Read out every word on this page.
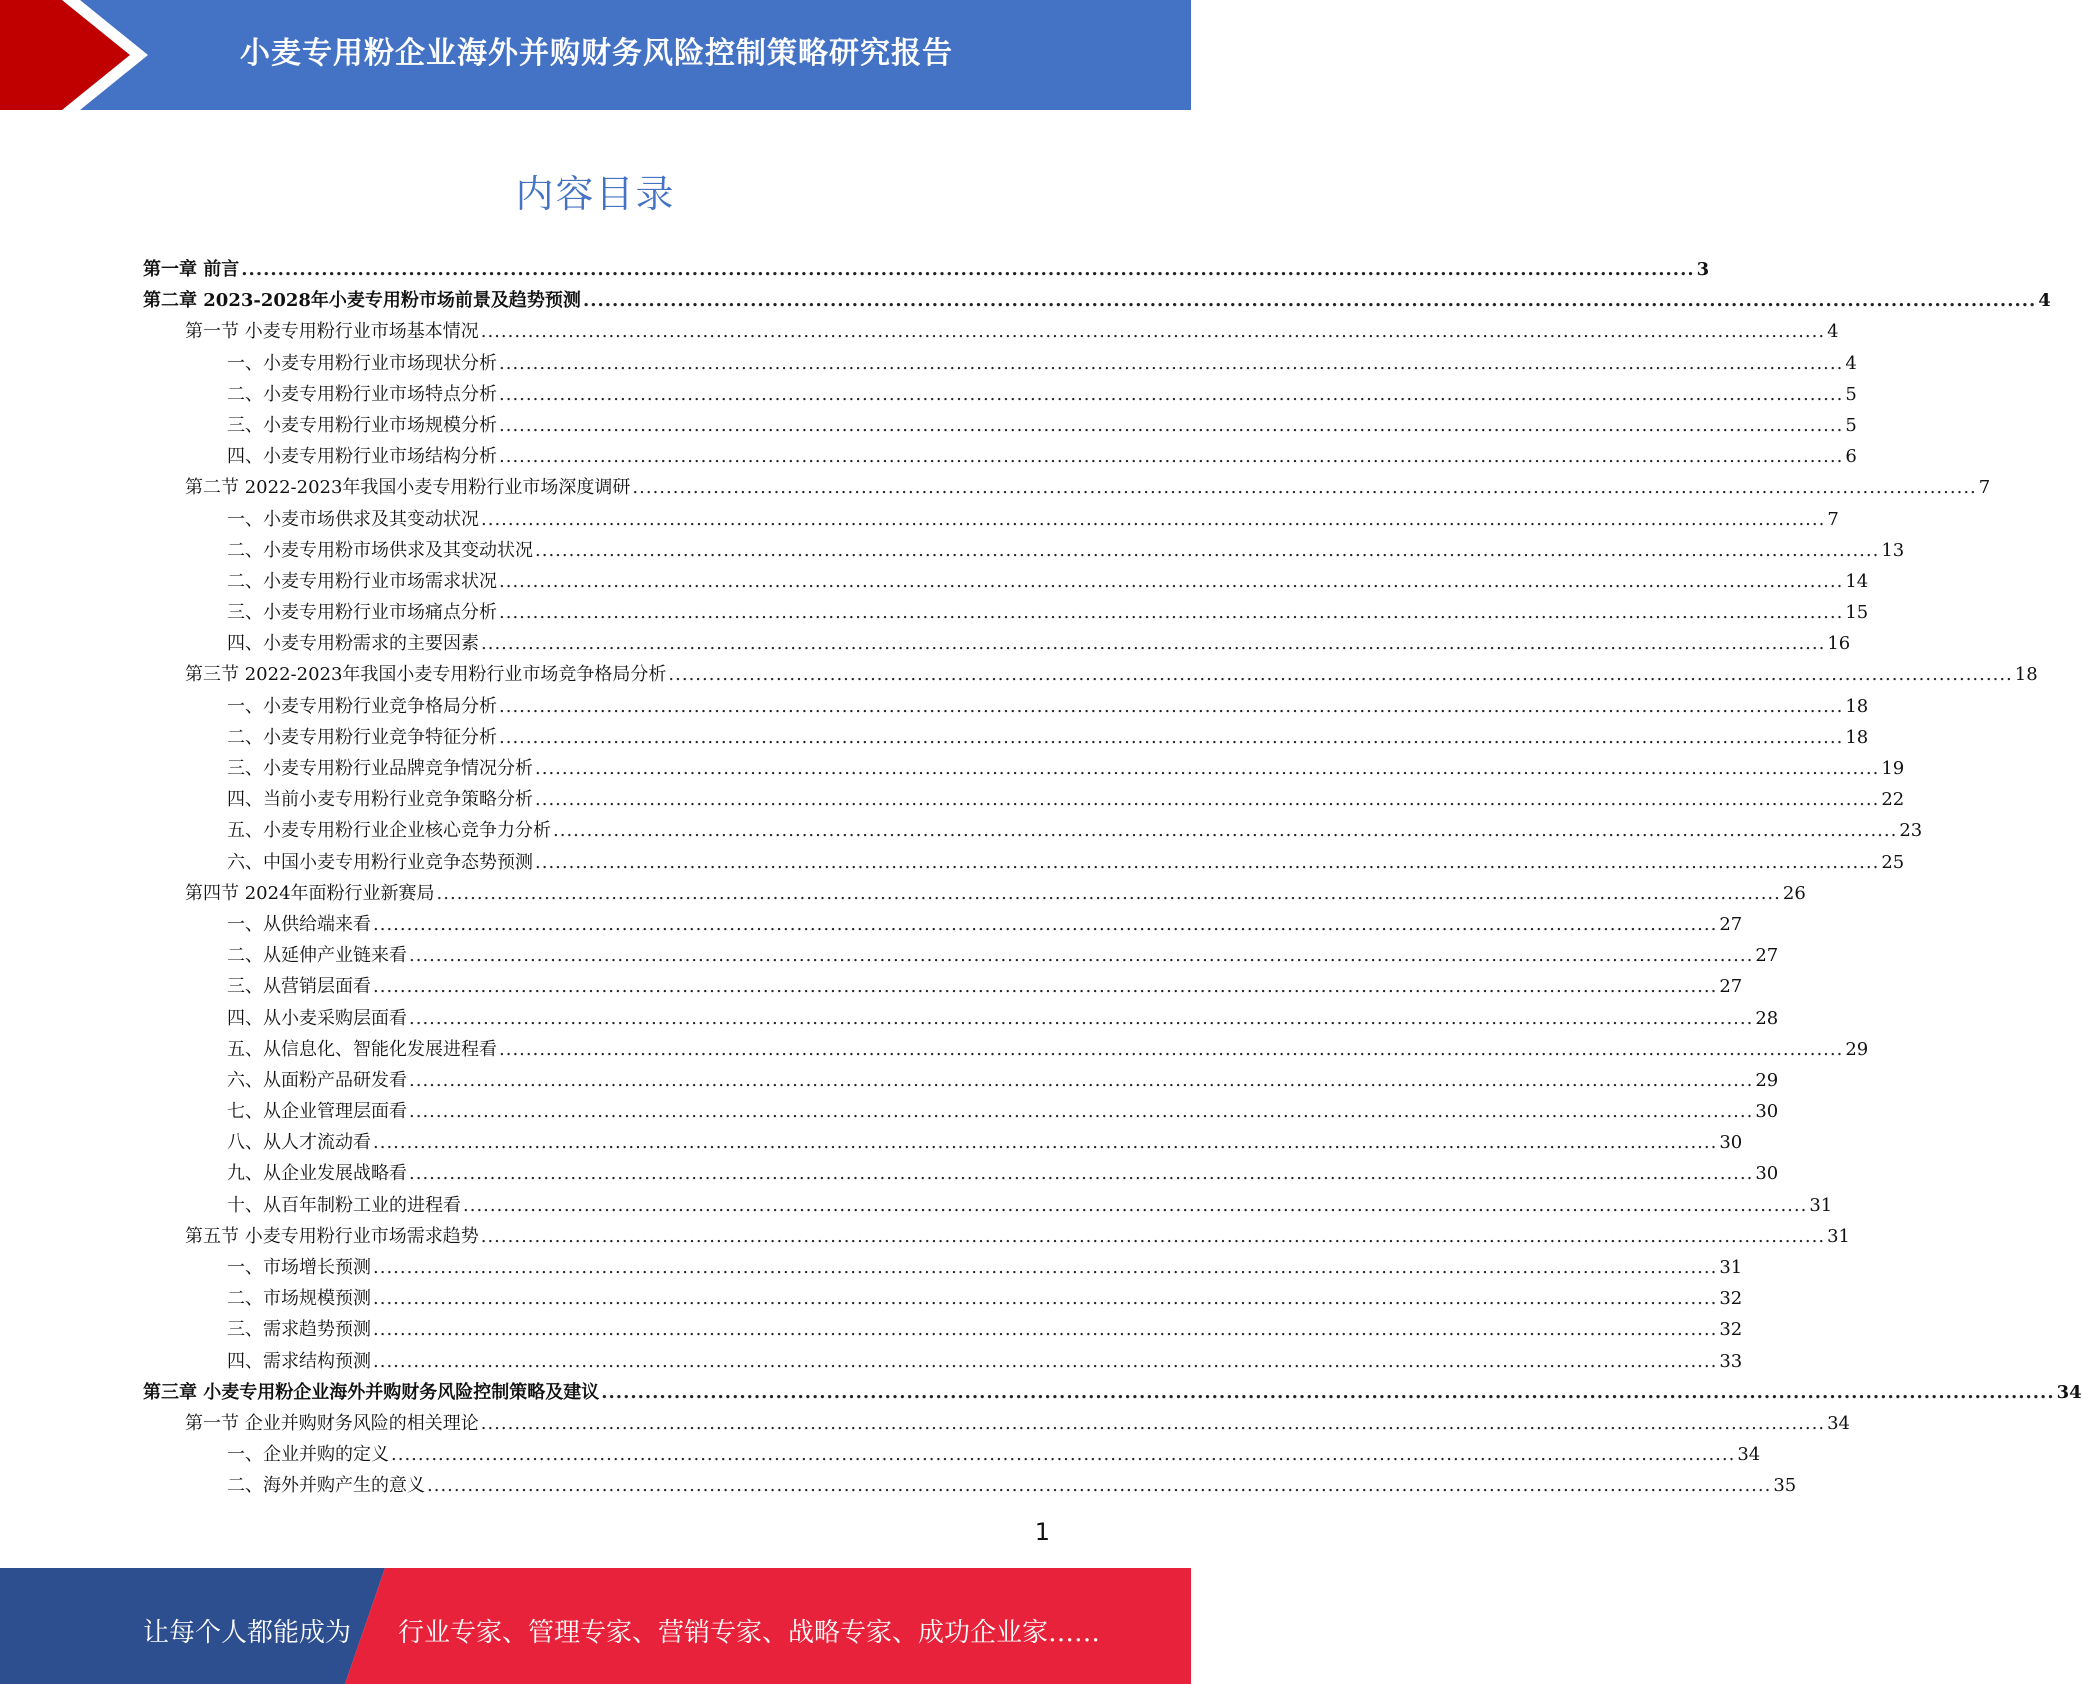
小麦专用粉企业海外并购财务风险控制策略研究报告
内容目录
第一章 前言 ........................................................................................................................................................................................................ 3
第二章 2023-2028年小麦专用粉市场前景及趋势预测 ........................................................................................................................................................................................................ 4
第一节 小麦专用粉行业市场基本情况 ........................................................................................................................................................................................................ 4
一、小麦专用粉行业市场现状分析 ........................................................................................................................................................................................................ 4
二、小麦专用粉行业市场特点分析 ........................................................................................................................................................................................................ 5
三、小麦专用粉行业市场规模分析 ........................................................................................................................................................................................................ 5
四、小麦专用粉行业市场结构分析 ........................................................................................................................................................................................................ 6
第二节 2022-2023年我国小麦专用粉行业市场深度调研 ........................................................................................................................................................................................................ 7
一、小麦市场供求及其变动状况 ........................................................................................................................................................................................................ 7
二、小麦专用粉市场供求及其变动状况 ........................................................................................................................................................................................................ 13
二、小麦专用粉行业市场需求状况 ........................................................................................................................................................................................................ 14
三、小麦专用粉行业市场痛点分析 ........................................................................................................................................................................................................ 15
四、小麦专用粉需求的主要因素 ........................................................................................................................................................................................................ 16
第三节 2022-2023年我国小麦专用粉行业市场竞争格局分析 ........................................................................................................................................................................................................ 18
一、小麦专用粉行业竞争格局分析 ........................................................................................................................................................................................................ 18
二、小麦专用粉行业竞争特征分析 ........................................................................................................................................................................................................ 18
三、小麦专用粉行业品牌竞争情况分析 ........................................................................................................................................................................................................ 19
四、当前小麦专用粉行业竞争策略分析 ........................................................................................................................................................................................................ 22
五、小麦专用粉行业企业核心竞争力分析 ........................................................................................................................................................................................................ 23
六、中国小麦专用粉行业竞争态势预测 ........................................................................................................................................................................................................ 25
第四节 2024年面粉行业新赛局 ........................................................................................................................................................................................................ 26
一、从供给端来看 ........................................................................................................................................................................................................ 27
二、从延伸产业链来看 ........................................................................................................................................................................................................ 27
三、从营销层面看 ........................................................................................................................................................................................................ 27
四、从小麦采购层面看 ........................................................................................................................................................................................................ 28
五、从信息化、智能化发展进程看 ........................................................................................................................................................................................................ 29
六、从面粉产品研发看 ........................................................................................................................................................................................................ 29
七、从企业管理层面看 ........................................................................................................................................................................................................ 30
八、从人才流动看 ........................................................................................................................................................................................................ 30
九、从企业发展战略看 ........................................................................................................................................................................................................ 30
十、从百年制粉工业的进程看 ........................................................................................................................................................................................................ 31
第五节 小麦专用粉行业市场需求趋势 ........................................................................................................................................................................................................ 31
一、市场增长预测 ........................................................................................................................................................................................................ 31
二、市场规模预测 ........................................................................................................................................................................................................ 32
三、需求趋势预测 ........................................................................................................................................................................................................ 32
四、需求结构预测 ........................................................................................................................................................................................................ 33
第三章 小麦专用粉企业海外并购财务风险控制策略及建议 ........................................................................................................................................................................................................ 34
第一节 企业并购财务风险的相关理论 ........................................................................................................................................................................................................ 34
一、企业并购的定义 ........................................................................................................................................................................................................ 34
二、海外并购产生的意义 ........................................................................................................................................................................................................ 35
1
让每个人都能成为 行业专家、管理专家、营销专家、战略专家、成功企业家……
